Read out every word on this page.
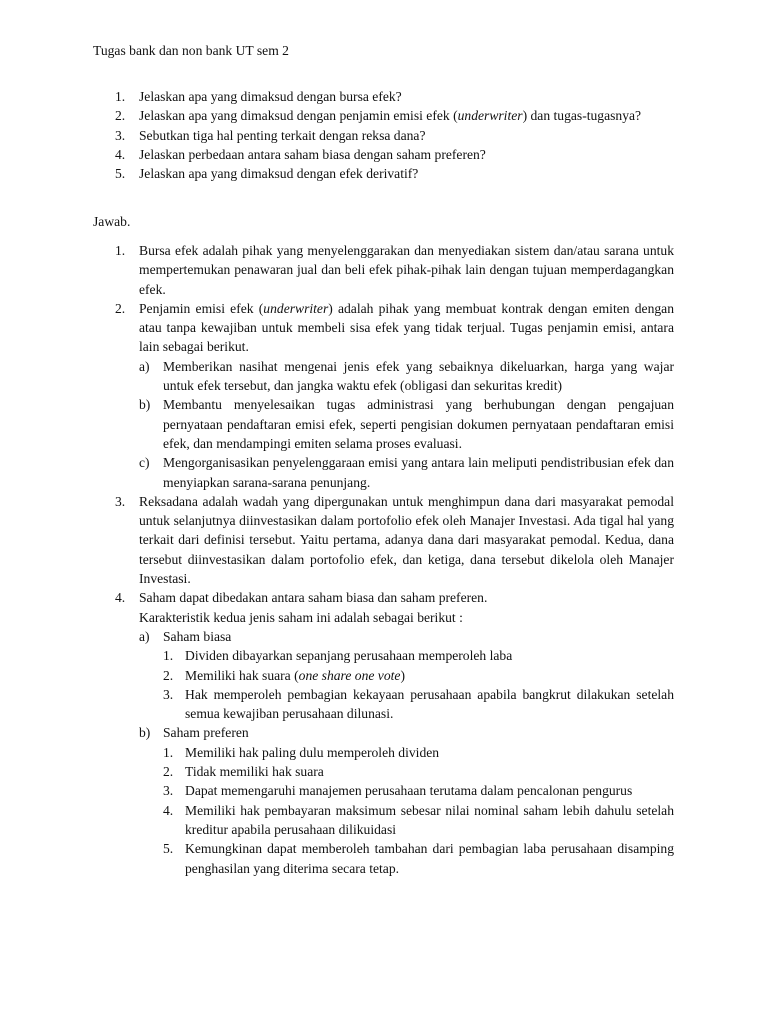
Tugas bank dan non bank UT sem 2
1. Jelaskan apa yang dimaksud dengan bursa efek?
2. Jelaskan apa yang dimaksud dengan penjamin emisi efek (underwriter) dan tugas-tugasnya?
3. Sebutkan tiga hal penting terkait dengan reksa dana?
4. Jelaskan perbedaan antara saham biasa dengan saham preferen?
5. Jelaskan apa yang dimaksud dengan efek derivatif?
Jawab.
1. Bursa efek adalah pihak yang menyelenggarakan dan menyediakan sistem dan/atau sarana untuk mempertemukan penawaran jual dan beli efek pihak-pihak lain dengan tujuan memperdagangkan efek.
2. Penjamin emisi efek (underwriter) adalah pihak yang membuat kontrak dengan emiten dengan atau tanpa kewajiban untuk membeli sisa efek yang tidak terjual. Tugas penjamin emisi, antara lain sebagai berikut.
a) Memberikan nasihat mengenai jenis efek yang sebaiknya dikeluarkan, harga yang wajar untuk efek tersebut, dan jangka waktu efek (obligasi dan sekuritas kredit)
b) Membantu menyelesaikan tugas administrasi yang berhubungan dengan pengajuan pernyataan pendaftaran emisi efek, seperti pengisian dokumen pernyataan pendaftaran emisi efek, dan mendampingi emiten selama proses evaluasi.
c) Mengorganisasikan penyelenggaraan emisi yang antara lain meliputi pendistribusian efek dan menyiapkan sarana-sarana penunjang.
3. Reksadana adalah wadah yang dipergunakan untuk menghimpun dana dari masyarakat pemodal untuk selanjutnya diinvestasikan dalam portofolio efek oleh Manajer Investasi. Ada tigal hal yang terkait dari definisi tersebut. Yaitu pertama, adanya dana dari masyarakat pemodal. Kedua, dana tersebut diinvestasikan dalam portofolio efek, dan ketiga, dana tersebut dikelola oleh Manajer Investasi.
4. Saham dapat dibedakan antara saham biasa dan saham preferen.
Karakteristik kedua jenis saham ini adalah sebagai berikut :
a) Saham biasa
1. Dividen dibayarkan sepanjang perusahaan memperoleh laba
2. Memiliki hak suara (one share one vote)
3. Hak memperoleh pembagian kekayaan perusahaan apabila bangkrut dilakukan setelah semua kewajiban perusahaan dilunasi.
b) Saham preferen
1. Memiliki hak paling dulu memperoleh dividen
2. Tidak memiliki hak suara
3. Dapat memengaruhi manajemen perusahaan terutama dalam pencalonan pengurus
4. Memiliki hak pembayaran maksimum sebesar nilai nominal saham lebih dahulu setelah kreditur apabila perusahaan dilikuidasi
5. Kemungkinan dapat memberoleh tambahan dari pembagian laba perusahaan disamping penghasilan yang diterima secara tetap.
